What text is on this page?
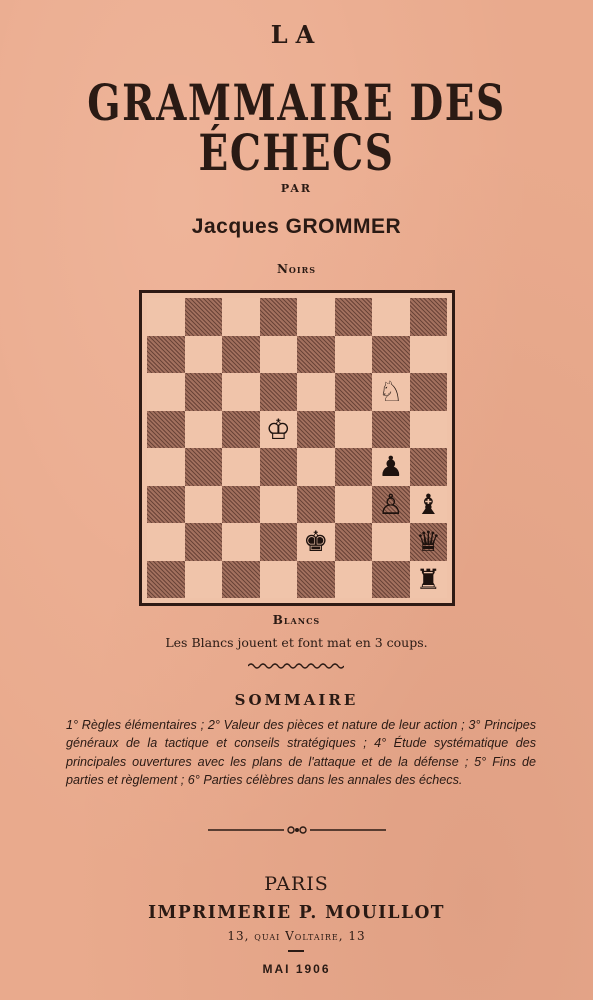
LA
GRAMMAIRE DES ÉCHECS
PAR
Jacques GROMMER
Noirs
♘
♔
♟
♙ ♝
♚	♛
♜
Blancs
Les Blancs jouent et font mat en 3 coups.
SOMMAIRE
1° Règles élémentaires ; 2° Valeur des pièces et nature de leur action ; 3° Principes généraux de la tactique et conseils stratégiques ; 4° Étude systématique des principales ouvertures avec les plans de l'attaque et de la défense ; 5° Fins de parties et règlement ; 6° Parties célèbres dans les annales des échecs.
PARIS
IMPRIMERIE P. MOUILLOT
13, quai Voltaire, 13
MAI 1906
